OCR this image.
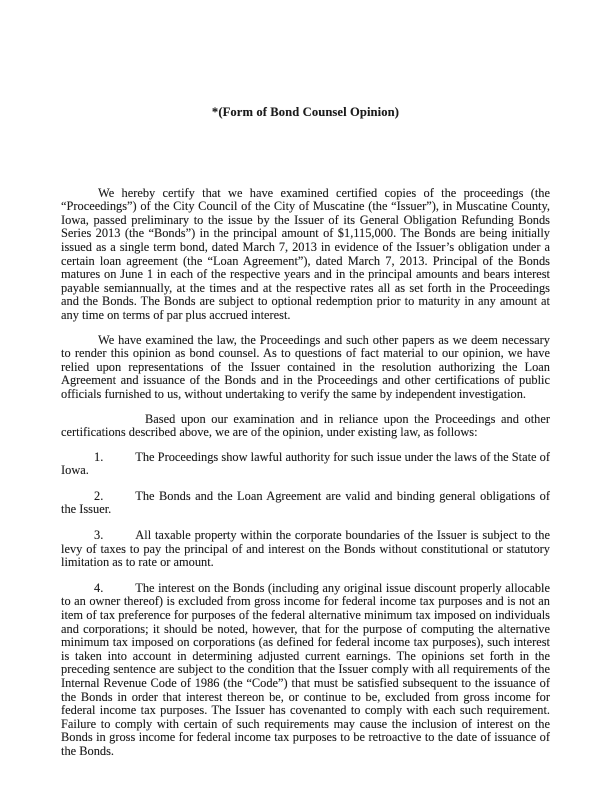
*(Form of Bond Counsel Opinion)

We hereby certify that we have examined certified copies of the proceedings (the “Proceedings”) of the City Council of the City of Muscatine (the “Issuer”), in Muscatine County, Iowa, passed preliminary to the issue by the Issuer of its General Obligation Refunding Bonds Series 2013 (the “Bonds”) in the principal amount of $1,115,000. The Bonds are being initially issued as a single term bond, dated March 7, 2013 in evidence of the Issuer’s obligation under a certain loan agreement (the “Loan Agreement”), dated March 7, 2013. Principal of the Bonds matures on June 1 in each of the respective years and in the principal amounts and bears interest payable semiannually, at the times and at the respective rates all as set forth in the Proceedings and the Bonds. The Bonds are subject to optional redemption prior to maturity in any amount at any time on terms of par plus accrued interest.

We have examined the law, the Proceedings and such other papers as we deem necessary to render this opinion as bond counsel. As to questions of fact material to our opinion, we have relied upon representations of the Issuer contained in the resolution authorizing the Loan Agreement and issuance of the Bonds and in the Proceedings and other certifications of public officials furnished to us, without undertaking to verify the same by independent investigation.

Based upon our examination and in reliance upon the Proceedings and other certifications described above, we are of the opinion, under existing law, as follows:

1.	The Proceedings show lawful authority for such issue under the laws of the State of Iowa.

2.	The Bonds and the Loan Agreement are valid and binding general obligations of the Issuer.

3.	All taxable property within the corporate boundaries of the Issuer is subject to the levy of taxes to pay the principal of and interest on the Bonds without constitutional or statutory limitation as to rate or amount.

4.	The interest on the Bonds (including any original issue discount properly allocable to an owner thereof) is excluded from gross income for federal income tax purposes and is not an item of tax preference for purposes of the federal alternative minimum tax imposed on individuals and corporations; it should be noted, however, that for the purpose of computing the alternative minimum tax imposed on corporations (as defined for federal income tax purposes), such interest is taken into account in determining adjusted current earnings. The opinions set forth in the preceding sentence are subject to the condition that the Issuer comply with all requirements of the Internal Revenue Code of 1986 (the “Code”) that must be satisfied subsequent to the issuance of the Bonds in order that interest thereon be, or continue to be, excluded from gross income for federal income tax purposes. The Issuer has covenanted to comply with each such requirement. Failure to comply with certain of such requirements may cause the inclusion of interest on the Bonds in gross income for federal income tax purposes to be retroactive to the date of issuance of the Bonds.
